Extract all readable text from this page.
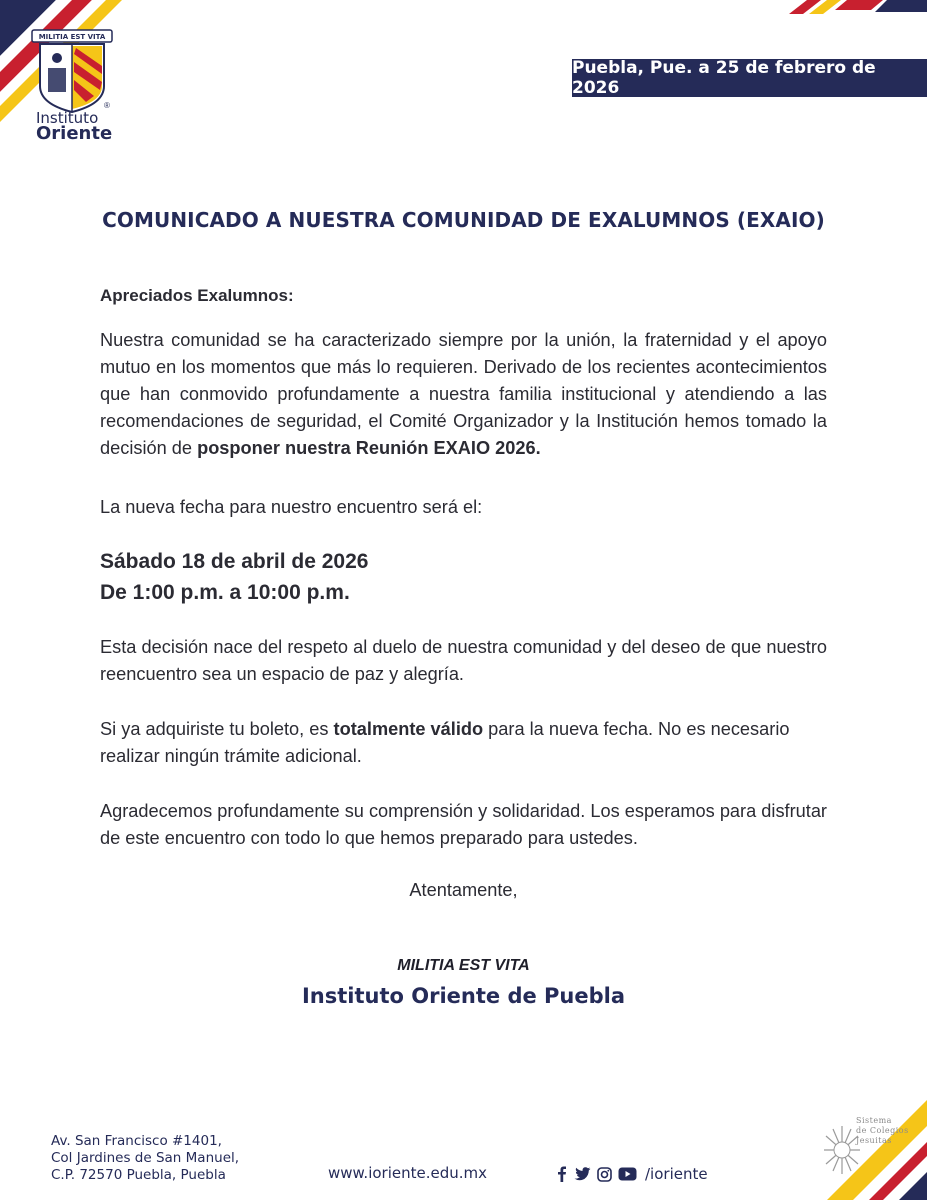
MILITIA EST VITA
Instituto
Oriente
®
Puebla, Pue. a 25 de febrero de 2026
COMUNICADO A NUESTRA COMUNIDAD DE EXALUMNOS (EXAIO)
Apreciados Exalumnos:
Nuestra comunidad se ha caracterizado siempre por la unión, la fraternidad y el apoyo mutuo en los momentos que más lo requieren. Derivado de los recientes acontecimientos que han conmovido profundamente a nuestra familia institucional y atendiendo a las recomendaciones de seguridad, el Comité Organizador y la Institución hemos tomado la decisión de posponer nuestra Reunión EXAIO 2026.
La nueva fecha para nuestro encuentro será el:
Sábado 18 de abril de 2026
De 1:00 p.m. a 10:00 p.m.
Esta decisión nace del respeto al duelo de nuestra comunidad y del deseo de que nuestro reencuentro sea un espacio de paz y alegría.
Si ya adquiriste tu boleto, es totalmente válido para la nueva fecha. No es necesario realizar ningún trámite adicional.
Agradecemos profundamente su comprensión y solidaridad. Los esperamos para disfrutar de este encuentro con todo lo que hemos preparado para ustedes.
Atentamente,
MILITIA EST VITA
Instituto Oriente de Puebla
Av. San Francisco #1401,
Col Jardines de San Manuel,
C.P. 72570 Puebla, Puebla	www.ioriente.edu.mx	/ioriente
Sistema
de Colegios
Jesuitas
